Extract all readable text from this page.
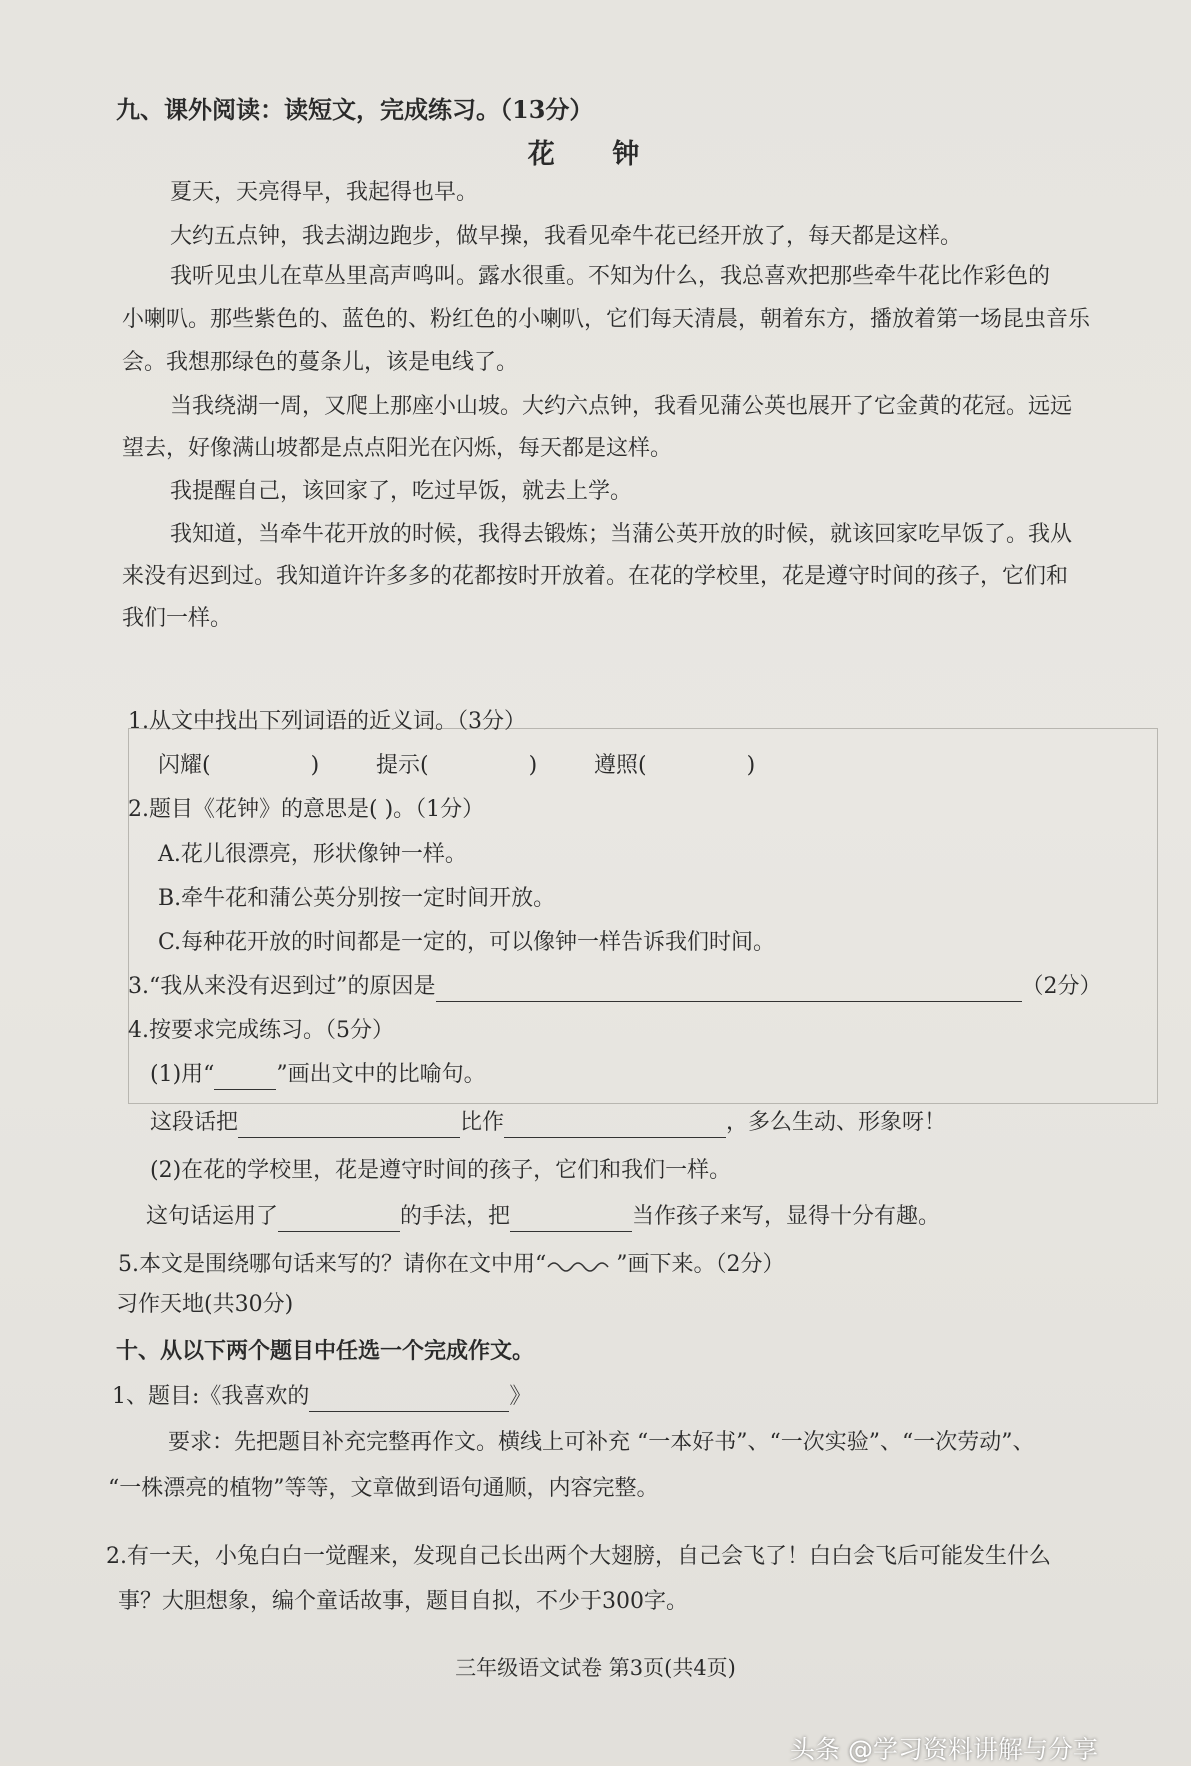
九、课外阅读：读短文，完成练习。（13分）
花 钟
夏天，天亮得早，我起得也早。
大约五点钟，我去湖边跑步，做早操，我看见牵牛花已经开放了，每天都是这样。
我听见虫儿在草丛里高声鸣叫。露水很重。不知为什么，我总喜欢把那些牵牛花比作彩色的
小喇叭。那些紫色的、蓝色的、粉红色的小喇叭，它们每天清晨，朝着东方，播放着第一场昆虫音乐
会。我想那绿色的蔓条儿，该是电线了。
当我绕湖一周，又爬上那座小山坡。大约六点钟，我看见蒲公英也展开了它金黄的花冠。远远
望去，好像满山坡都是点点阳光在闪烁，每天都是这样。
我提醒自己，该回家了，吃过早饭，就去上学。
我知道，当牵牛花开放的时候，我得去锻炼；当蒲公英开放的时候，就该回家吃早饭了。我从
来没有迟到过。我知道许许多多的花都按时开放着。在花的学校里，花是遵守时间的孩子，它们和
我们一样。
1.从文中找出下列词语的近义词。（3分）
闪耀(	)	提示(	)	遵照(	)
2.题目《花钟》的意思是( )。（1分）
A.花儿很漂亮，形状像钟一样。
B.牵牛花和蒲公英分别按一定时间开放。
C.每种花开放的时间都是一定的，可以像钟一样告诉我们时间。
3.“我从来没有迟到过”的原因是	（2分）
4.按要求完成练习。（5分）
(1)用“	”画出文中的比喻句。
这段话把	比作	，多么生动、形象呀！
(2)在花的学校里，花是遵守时间的孩子，它们和我们一样。
这句话运用了	的手法，把	当作孩子来写，显得十分有趣。
5.本文是围绕哪句话来写的？请你在文中用“	”画下来。（2分）
习作天地(共30分)
十、从以下两个题目中任选一个完成作文。
1、题目:《我喜欢的	》
要求：先把题目补充完整再作文。横线上可补充 “一本好书”、“一次实验”、“一次劳动”、
“一株漂亮的植物”等等，文章做到语句通顺，内容完整。
2.有一天，小兔白白一觉醒来，发现自己长出两个大翅膀，自己会飞了！白白会飞后可能发生什么
事？大胆想象，编个童话故事，题目自拟，不少于300字。
三年级语文试卷 第3页(共4页)
头条 @学习资料讲解与分享
